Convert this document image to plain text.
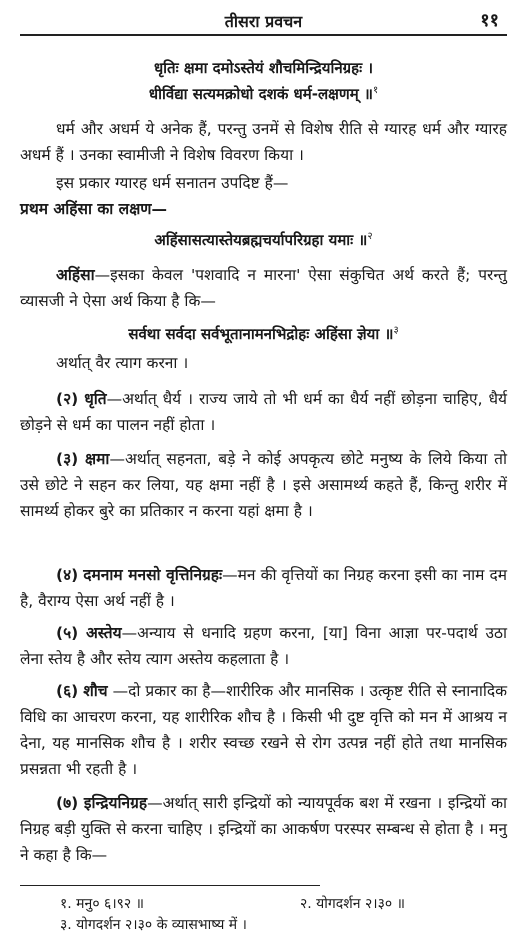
तीसरा प्रवचन	११
धृतिः क्षमा दमोऽस्तेयं शौचमिन्द्रियनिग्रहः ।
धीर्विद्या सत्यमक्रोधो दशकं धर्म-लक्षणम् ॥$^१$
धर्म और अधर्म ये अनेक हैं, परन्तु उनमें से विशेष रीति से ग्यारह धर्म और ग्यारह अधर्म हैं । उनका स्वामीजी ने विशेष विवरण किया ।
इस प्रकार ग्यारह धर्म सनातन उपदिष्ट हैं—
प्रथम अहिंसा का लक्षण—
अहिंसासत्यास्तेयब्रह्मचर्यापरिग्रहा यमाः ॥$^२$
अहिंसा—इसका केवल 'पशवादि न मारना' ऐसा संकुचित अर्थ करते हैं; परन्तु व्यासजी ने ऐसा अर्थ किया है कि—
सर्वथा सर्वदा सर्वभूतानामनभिद्रोहः अहिंसा ज्ञेया ॥$^३$
अर्थात् वैर त्याग करना ।
(२) धृति—अर्थात् धैर्य । राज्य जाये तो भी धर्म का धैर्य नहीं छोड़ना चाहिए, धैर्य छोड़ने से धर्म का पालन नहीं होता ।
(३) क्षमा—अर्थात् सहनता, बड़े ने कोई अपकृत्य छोटे मनुष्य के लिये किया तो उसे छोटे ने सहन कर लिया, यह क्षमा नहीं है । इसे असामर्थ्य कहते हैं, किन्तु शरीर में सामर्थ्य होकर बुरे का प्रतिकार न करना यहां क्षमा है ।
(४) दमनाम मनसो वृत्तिनिग्रहः—मन की वृत्तियों का निग्रह करना इसी का नाम दम है, वैराग्य ऐसा अर्थ नहीं है ।
(५) अस्तेय—अन्याय से धनादि ग्रहण करना, [या] विना आज्ञा पर-पदार्थ उठा लेना स्तेय है और स्तेय त्याग अस्तेय कहलाता है ।
(६) शौच —दो प्रकार का है—शारीरिक और मानसिक । उत्कृष्ट रीति से स्नानादिक विधि का आचरण करना, यह शारीरिक शौच है । किसी भी दुष्ट वृत्ति को मन में आश्रय न देना, यह मानसिक शौच है । शरीर स्वच्छ रखने से रोग उत्पन्न नहीं होते तथा मानसिक प्रसन्नता भी रहती है ।
(७) इन्द्रियनिग्रह—अर्थात् सारी इन्द्रियों को न्यायपूर्वक बश में रखना । इन्द्रियों का निग्रह बड़ी युक्ति से करना चाहिए । इन्द्रियों का आकर्षण परस्पर सम्बन्ध से होता है । मनु ने कहा है कि—
१. मनु० ६।९२ ॥	२. योगदर्शन २।३० ॥
३. योगदर्शन २।३० के व्यासभाष्य में ।
